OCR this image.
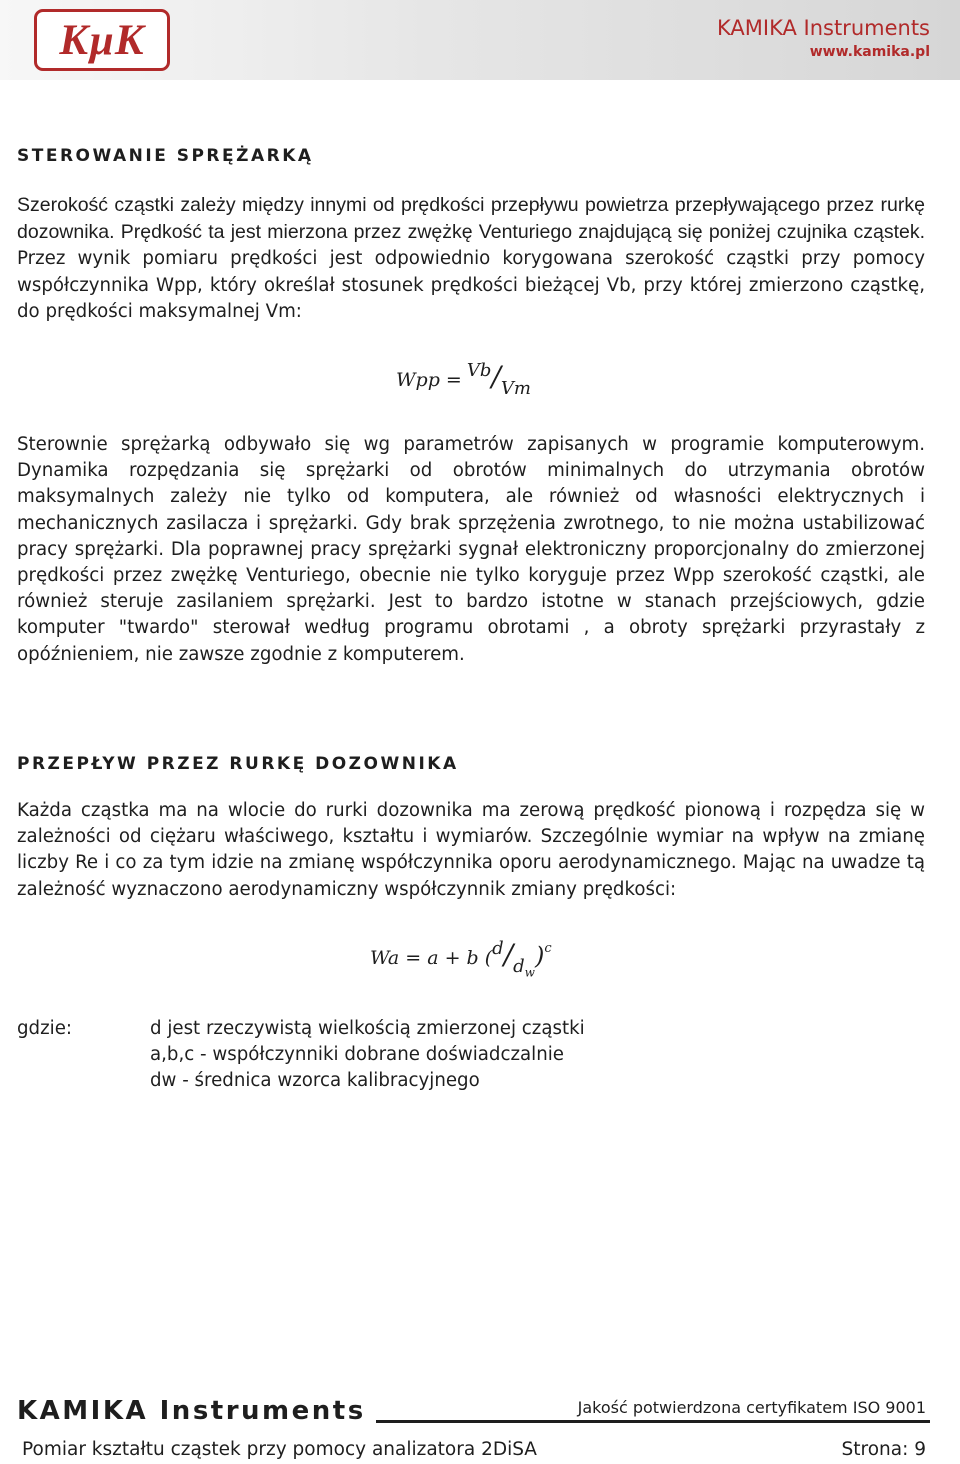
KµK	KAMIKA Instruments
www.kamika.pl
STEROWANIE SPRĘŻARKĄ
Szerokość cząstki zależy między innymi od prędkości przepływu powietrza przepływającego przez rurkę dozownika. Prędkość ta jest mierzona przez zwężkę Venturiego znajdującą się poniżej czujnika cząstek. Przez wynik pomiaru prędkości jest odpowiednio korygowana szerokość cząstki przy pomocy współczynnika Wpp, który określał stosunek prędkości bieżącej Vb, przy której zmierzono cząstkę, do prędkości maksymalnej Vm:
Wpp = Vb/Vm
Sterownie sprężarką odbywało się wg parametrów zapisanych w programie komputerowym. Dynamika rozpędzania się sprężarki od obrotów minimalnych do utrzymania obrotów maksymalnych zależy nie tylko od komputera, ale również od własności elektrycznych i mechanicznych zasilacza i sprężarki. Gdy brak sprzężenia zwrotnego, to nie można ustabilizować pracy sprężarki. Dla poprawnej pracy sprężarki sygnał elektroniczny proporcjonalny do zmierzonej prędkości przez zwężkę Venturiego, obecnie nie tylko koryguje przez Wpp szerokość cząstki, ale również steruje zasilaniem sprężarki. Jest to bardzo istotne w stanach przejściowych, gdzie komputer "twardo" sterował według programu obrotami , a obroty sprężarki przyrastały z opóźnieniem, nie zawsze zgodnie z komputerem.
PRZEPŁYW PRZEZ RURKĘ DOZOWNIKA
Każda cząstka ma na wlocie do rurki dozownika ma zerową prędkość pionową i rozpędza się w zależności od ciężaru właściwego, kształtu i wymiarów. Szczególnie wymiar na wpływ na zmianę liczby Re i co za tym idzie na zmianę współczynnika oporu aerodynamicznego. Mając na uwadze tą zależność wyznaczono aerodynamiczny współczynnik zmiany prędkości:
Wa = a + b $(d/d_w)^c$
gdzie:	d jest rzeczywistą wielkością zmierzonej cząstki
a,b,c - współczynniki dobrane doświadczalnie
dw - średnica wzorca kalibracyjnego
KAMIKA Instruments	Jakość potwierdzona certyfikatem ISO 9001
Pomiar kształtu cząstek przy pomocy analizatora 2DiSA	Strona: 9
